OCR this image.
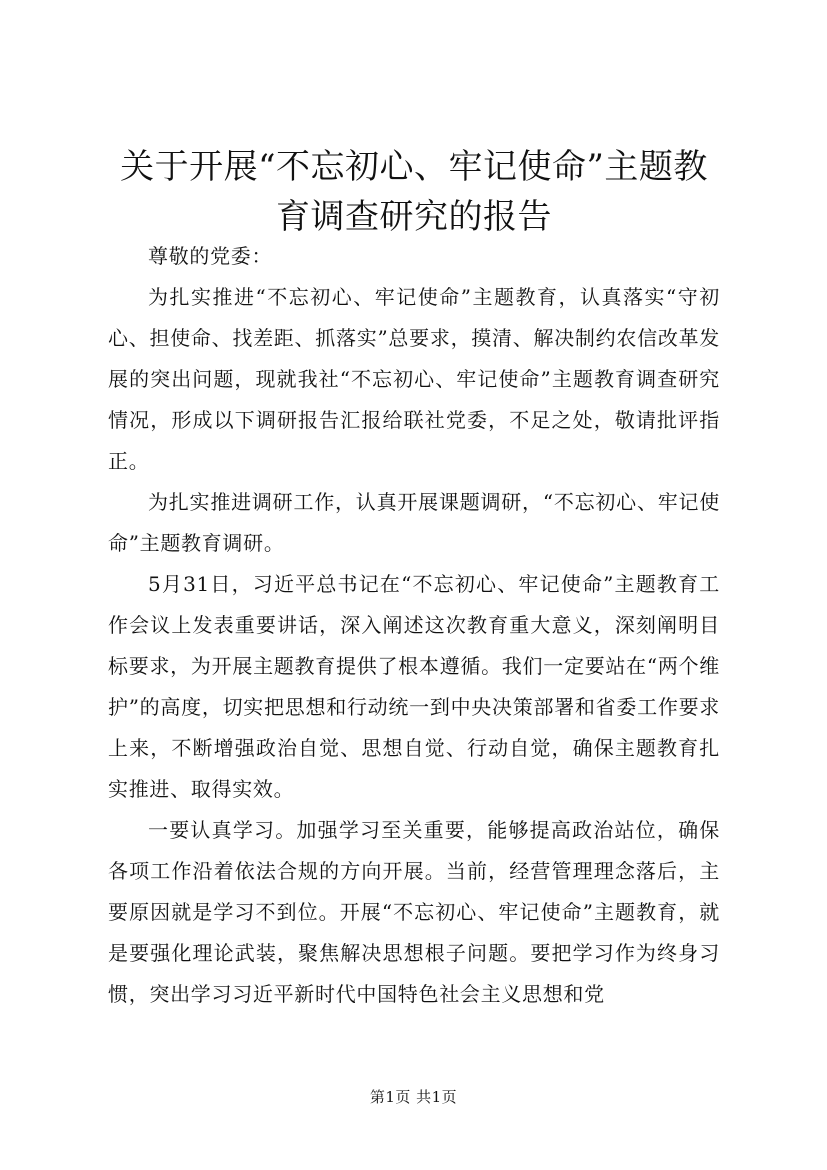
关于开展“不忘初心、牢记使命”主题教育调查研究的报告

尊敬的党委：

为扎实推进“不忘初心、牢记使命”主题教育，认真落实“守初心、担使命、找差距、抓落实”总要求，摸清、解决制约农信改革发展的突出问题，现就我社“不忘初心、牢记使命”主题教育调查研究情况，形成以下调研报告汇报给联社党委，不足之处，敬请批评指正。

为扎实推进调研工作，认真开展课题调研，“不忘初心、牢记使命”主题教育调研。

5月31日，习近平总书记在“不忘初心、牢记使命”主题教育工作会议上发表重要讲话，深入阐述这次教育重大意义，深刻阐明目标要求，为开展主题教育提供了根本遵循。我们一定要站在“两个维护”的高度，切实把思想和行动统一到中央决策部署和省委工作要求上来，不断增强政治自觉、思想自觉、行动自觉，确保主题教育扎实推进、取得实效。

一要认真学习。加强学习至关重要，能够提高政治站位，确保各项工作沿着依法合规的方向开展。当前，经营管理理念落后，主要原因就是学习不到位。开展“不忘初心、牢记使命”主题教育，就是要强化理论武装，聚焦解决思想根子问题。要把学习作为终身习惯，突出学习习近平新时代中国特色社会主义思想和党

第1页 共1页
